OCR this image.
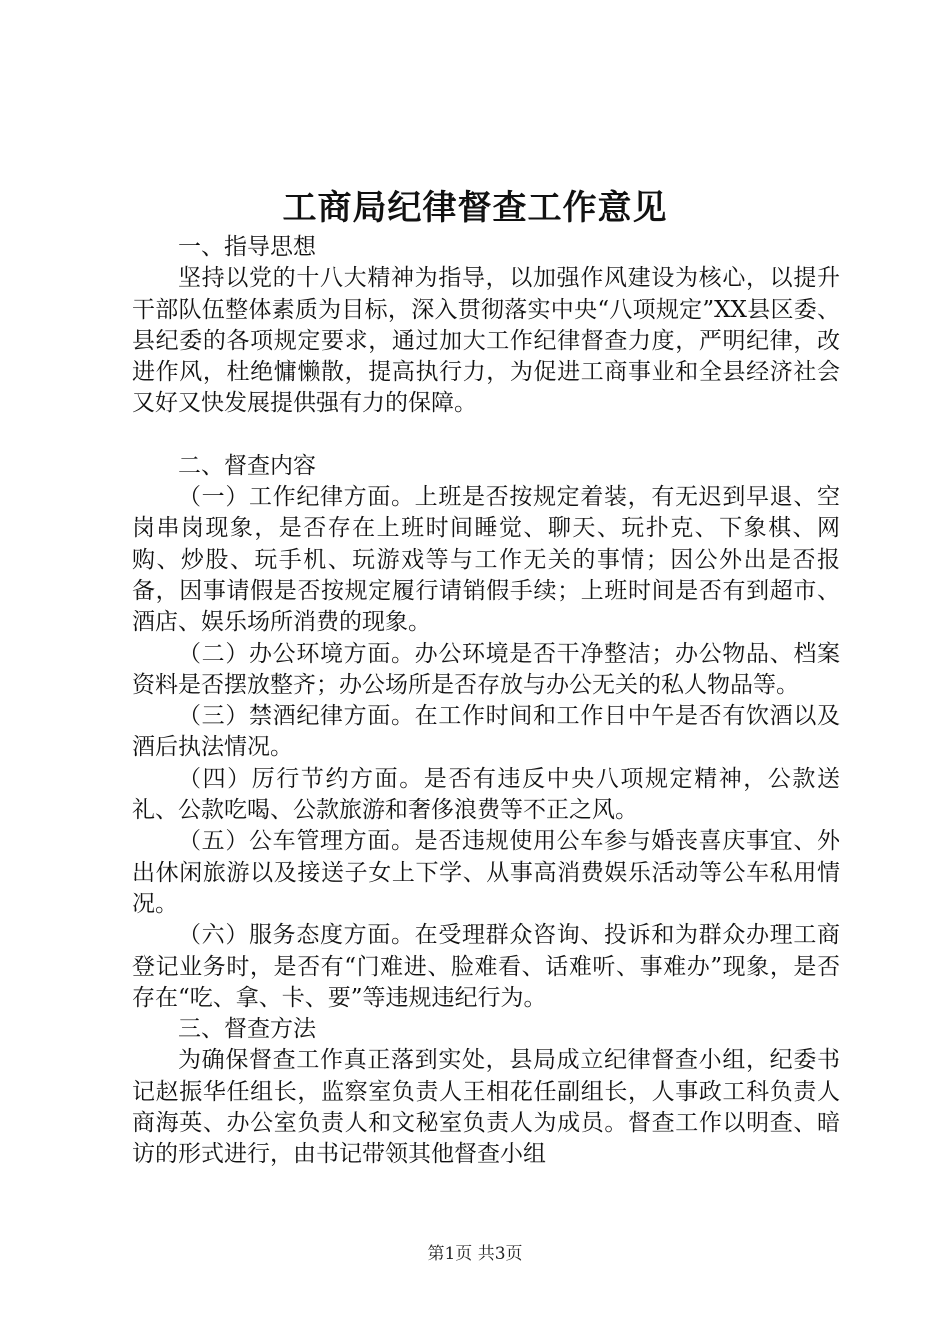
工商局纪律督查工作意见

一、指导思想

坚持以党的十八大精神为指导，以加强作风建设为核心，以提升干部队伍整体素质为目标，深入贯彻落实中央“八项规定”XX县区委、县纪委的各项规定要求，通过加大工作纪律督查力度，严明纪律，改进作风，杜绝慵懒散，提高执行力，为促进工商事业和全县经济社会又好又快发展提供强有力的保障。

二、督查内容

（一）工作纪律方面。上班是否按规定着装，有无迟到早退、空岗串岗现象，是否存在上班时间睡觉、聊天、玩扑克、下象棋、网购、炒股、玩手机、玩游戏等与工作无关的事情；因公外出是否报备，因事请假是否按规定履行请销假手续；上班时间是否有到超市、酒店、娱乐场所消费的现象。

（二）办公环境方面。办公环境是否干净整洁；办公物品、档案资料是否摆放整齐；办公场所是否存放与办公无关的私人物品等。

（三）禁酒纪律方面。在工作时间和工作日中午是否有饮酒以及酒后执法情况。

（四）厉行节约方面。是否有违反中央八项规定精神，公款送礼、公款吃喝、公款旅游和奢侈浪费等不正之风。

（五）公车管理方面。是否违规使用公车参与婚丧喜庆事宜、外出休闲旅游以及接送子女上下学、从事高消费娱乐活动等公车私用情况。

（六）服务态度方面。在受理群众咨询、投诉和为群众办理工商登记业务时，是否有“门难进、脸难看、话难听、事难办”现象，是否存在“吃、拿、卡、要”等违规违纪行为。

三、督查方法

为确保督查工作真正落到实处，县局成立纪律督查小组，纪委书记赵振华任组长，监察室负责人王相花任副组长，人事政工科负责人商海英、办公室负责人和文秘室负责人为成员。督查工作以明查、暗访的形式进行，由书记带领其他督查小组

第1页 共3页
